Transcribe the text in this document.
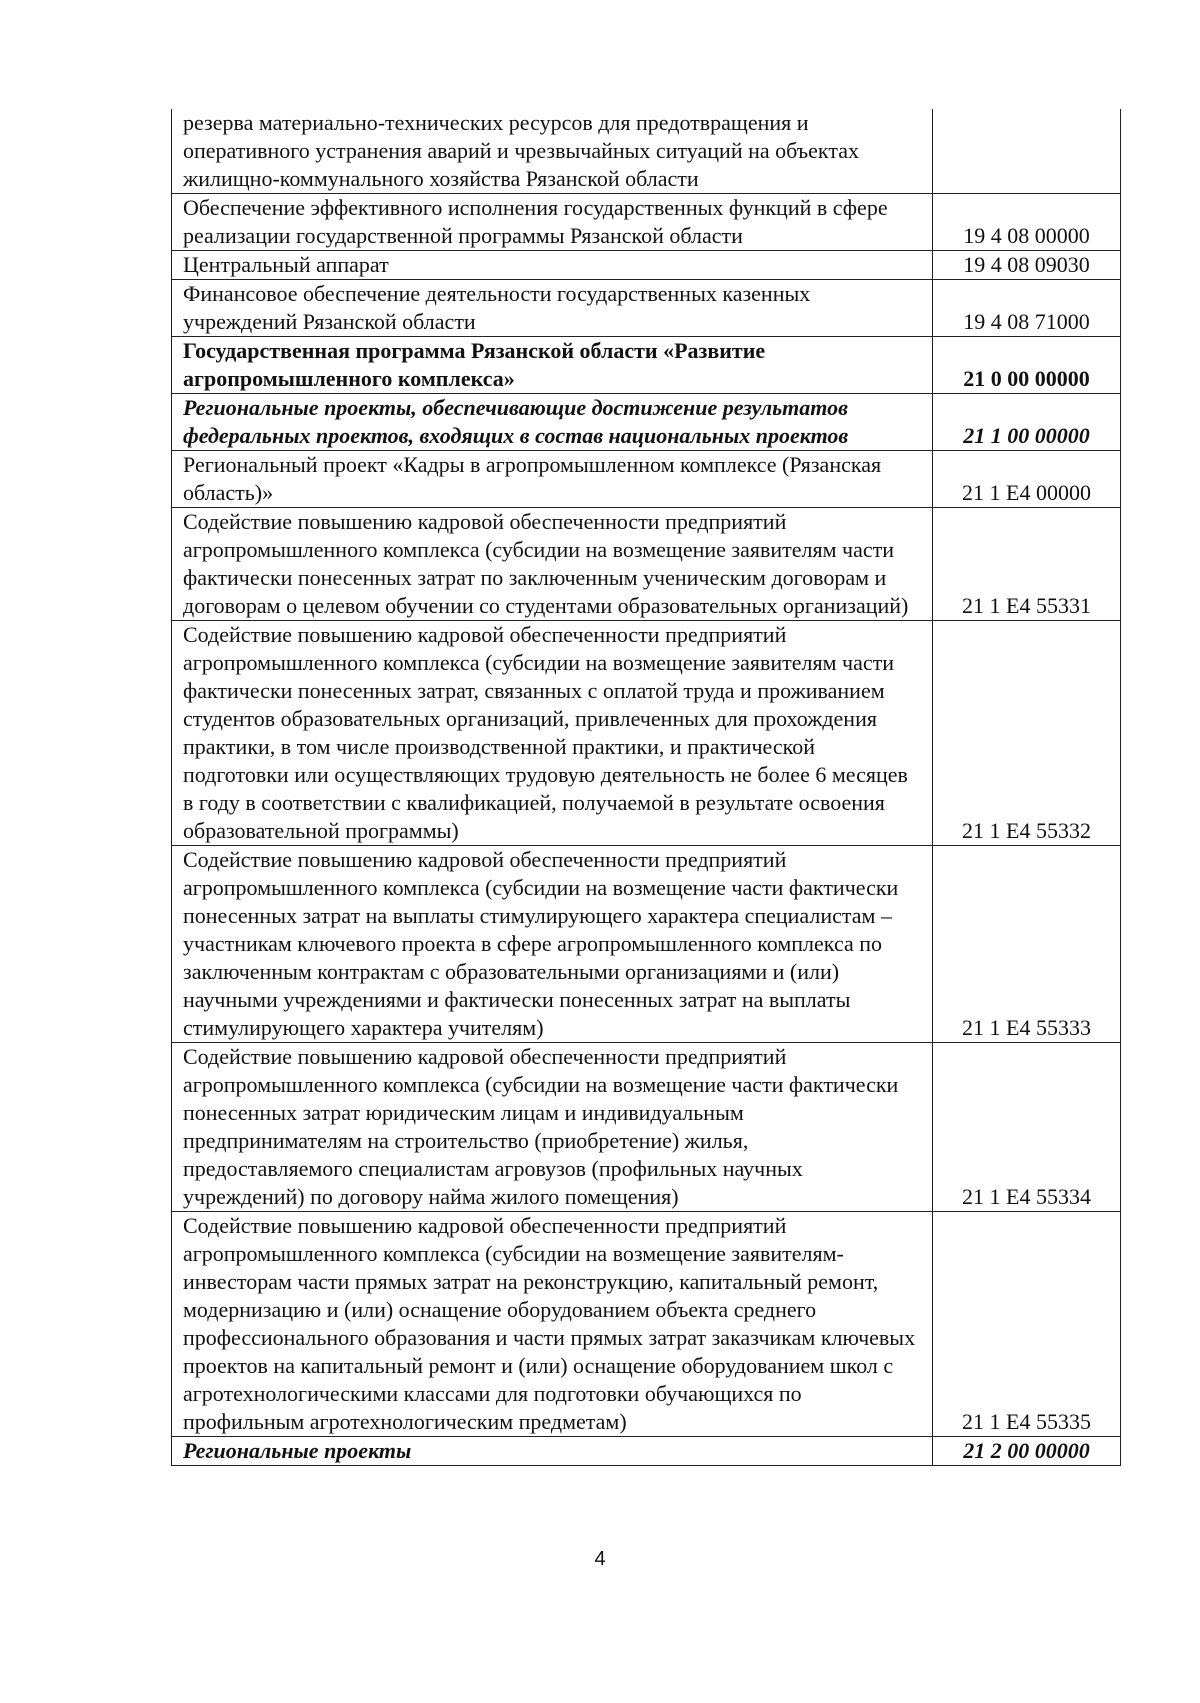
резерва материально-технических ресурсов для предотвращения и оперативного устранения аварий и чрезвычайных ситуаций на объектах жилищно-коммунального хозяйства Рязанской области	
Обеспечение эффективного исполнения государственных функций в сфере реализации государственной программы Рязанской области	19 4 08 00000
Центральный аппарат	19 4 08 09030
Финансовое обеспечение деятельности государственных казенных учреждений Рязанской области	19 4 08 71000
Государственная программа Рязанской области «Развитие агропромышленного комплекса»	21 0 00 00000
Региональные проекты, обеспечивающие достижение результатов федеральных проектов, входящих в состав национальных проектов	21 1 00 00000
Региональный проект «Кадры в агропромышленном комплексе (Рязанская область)»	21 1 E4 00000
Содействие повышению кадровой обеспеченности предприятий агропромышленного комплекса (субсидии на возмещение заявителям части фактически понесенных затрат по заключенным ученическим договорам и договорам о целевом обучении со студентами образовательных организаций)	21 1 E4 55331
Содействие повышению кадровой обеспеченности предприятий агропромышленного комплекса (субсидии на возмещение заявителям части фактически понесенных затрат, связанных с оплатой труда и проживанием студентов образовательных организаций, привлеченных для прохождения практики, в том числе производственной практики, и практической подготовки или осуществляющих трудовую деятельность не более 6 месяцев в году в соответствии с квалификацией, получаемой в результате освоения образовательной программы)	21 1 E4 55332
Содействие повышению кадровой обеспеченности предприятий агропромышленного комплекса (субсидии на возмещение части фактически понесенных затрат на выплаты стимулирующего характера специалистам – участникам ключевого проекта в сфере агропромышленного комплекса по заключенным контрактам с образовательными организациями и (или) научными учреждениями и фактически понесенных затрат на выплаты стимулирующего характера учителям)	21 1 E4 55333
Содействие повышению кадровой обеспеченности предприятий агропромышленного комплекса (субсидии на возмещение части фактически понесенных затрат юридическим лицам и индивидуальным предпринимателям на строительство (приобретение) жилья, предоставляемого специалистам агровузов (профильных научных учреждений) по договору найма жилого помещения)	21 1 E4 55334
Содействие повышению кадровой обеспеченности предприятий агропромышленного комплекса (субсидии на возмещение заявителям-инвесторам части прямых затрат на реконструкцию, капитальный ремонт, модернизацию и (или) оснащение оборудованием объекта среднего профессионального образования и части прямых затрат заказчикам ключевых проектов на капитальный ремонт и (или) оснащение оборудованием школ с агротехнологическими классами для подготовки обучающихся по профильным агротехнологическим предметам)	21 1 E4 55335
Региональные проекты	21 2 00 00000
4
